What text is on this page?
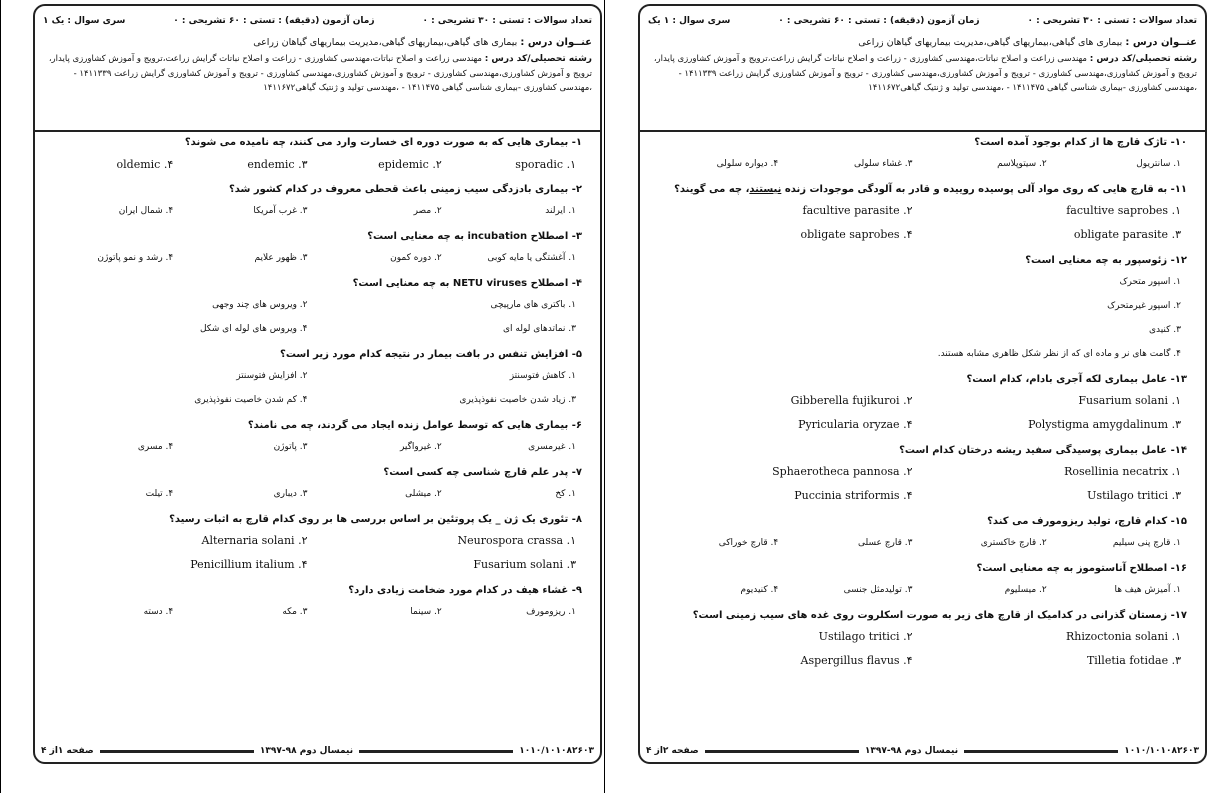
تعداد سوالات : تستی : ۳۰ تشریحی : ۰
زمان آزمون (دقیقه) : تستی : ۶۰ تشریحی : ۰
سری سوال : یک ۱
عنــوان درس : بیماری های گیاهی،بیماریهای گیاهی،مدیریت بیماریهای گیاهان زراعی
رشته تحصیلی/کد درس : مهندسی زراعت و اصلاح نباتات،مهندسی کشاورزی - زراعت و اصلاح نباتات گرایش زراعت،ترویج و آموزش کشاورزی پایدار، ترویج و آموزش کشاورزی،مهندسی کشاورزی - ترویج و آموزش کشاورزی،مهندسی کشاورزی - ترویج و آموزش کشاورزی گرایش زراعت ۱۴۱۱۳۳۹ - ،مهندسی کشاورزی -بیماری شناسی گیاهی ۱۴۱۱۴۷۵ - ،مهندسی تولید و ژنتیک گیاهی۱۴۱۱۶۷۲
۱- بیماری هایی که به صورت دوره ای خسارت وارد می کنند، چه نامیده می شوند؟
۱. sporadic
۲. epidemic
۳. endemic
۴. oldemic
۲- بیماری بادزدگی سیب زمینی باعث قحطی معروف در کدام کشور شد؟
۱. ایرلند
۲. مصر
۳. غرب آمریکا
۴. شمال ایران
۳- اصطلاح incubation به چه معنایی است؟
۱. آغشتگی یا مایه کوبی
۲. دوره کمون
۳. ظهور علایم
۴. رشد و نمو پاتوژن
۴- اصطلاح NETU viruses به چه معنایی است؟
۱. باکتری های مارپیچی
۲. ویروس های چند وجهی
۳. نماتدهای لوله ای
۴. ویروس های لوله ای شکل
۵- افزایش تنفس در بافت بیمار در نتیجه کدام مورد زیر است؟
۱. کاهش فتوسنتز
۲. افزایش فتوسنتز
۳. زیاد شدن خاصیت نفوذپذیری
۴. کم شدن خاصیت نفوذپذیری
۶- بیماری هایی که توسط عوامل زنده ایجاد می گردند، چه می نامند؟
۱. غیرمسری
۲. غیرواگیر
۳. پاتوژن
۴. مسری
۷- پدر علم قارچ شناسی چه کسی است؟
۱. کخ
۲. میشلی
۳. دیباری
۴. تیلت
۸- تئوری یک ژن _ یک پروتئین بر اساس بررسی ها بر روی کدام قارچ به اثبات رسید؟
۱. Neurospora crassa
۲. Alternaria solani
۳. Fusarium solani
۴. Penicillium italium
۹- غشاء هیف در کدام مورد ضخامت زیادی دارد؟
۱. ریزومورف
۲. سینما
۳. مکه
۴. دسته
۱۰۱۰/۱۰۱۰۸۲۶۰۳
نیمسال دوم ۹۸-۱۳۹۷
صفحه ۱از ۴
تعداد سوالات : تستی : ۳۰ تشریحی : ۰
زمان آزمون (دقیقه) : تستی : ۶۰ تشریحی : ۰
سری سوال : ۱ یک
عنــوان درس : بیماری های گیاهی،بیماریهای گیاهی،مدیریت بیماریهای گیاهان زراعی
رشته تحصیلی/کد درس : مهندسی زراعت و اصلاح نباتات،مهندسی کشاورزی - زراعت و اصلاح نباتات گرایش زراعت،ترویج و آموزش کشاورزی پایدار، ترویج و آموزش کشاورزی،مهندسی کشاورزی - ترویج و آموزش کشاورزی،مهندسی کشاورزی - ترویج و آموزش کشاورزی گرایش زراعت ۱۴۱۱۳۳۹ - ،مهندسی کشاورزی -بیماری شناسی گیاهی ۱۴۱۱۴۷۵ - ،مهندسی تولید و ژنتیک گیاهی۱۴۱۱۶۷۲
۱۰- تاژک قارچ ها از کدام بوجود آمده است؟
۱. سانتریول
۲. سیتوپلاسم
۳. غشاء سلولی
۴. دیواره سلولی
۱۱- به قارچ هایی که روی مواد آلی پوسیده روییده و قادر به آلودگی موجودات زنده نیستند، چه می گویند؟
۱. facultive saprobes
۲. facultive parasite
۳. obligate parasite
۴. obligate saprobes
۱۲- زئوسپور به چه معنایی است؟
۱. اسپور متحرک
۲. اسپور غیرمتحرک
۳. کنیدی
۴. گامت های نر و ماده ای که از نظر شکل ظاهری مشابه هستند.
۱۳- عامل بیماری لکه آجری بادام، کدام است؟
۱. Fusarium solani
۲. Gibberella fujikuroi
۳. Polystigma amygdalinum
۴. Pyricularia oryzae
۱۴- عامل بیماری پوسیدگی سفید ریشه درختان کدام است؟
۱. Rosellinia necatrix
۲. Sphaerotheca pannosa
۳. Ustilago tritici
۴. Puccinia striformis
۱۵- کدام قارچ، تولید ریزومورف می کند؟
۱. قارچ پنی سیلیم
۲. قارچ خاکستری
۳. قارچ عسلی
۴. قارچ خوراکی
۱۶- اصطلاح آناستوموز به چه معنایی است؟
۱. آمیزش هیف ها
۲. میسلیوم
۳. تولیدمثل جنسی
۴. کنیدیوم
۱۷- زمستان گذرانی در کدامیک از قارچ های زیر به صورت اسکلروت روی غده های سیب زمینی است؟
۱. Rhizoctonia solani
۲. Ustilago tritici
۳. Tilletia fotidae
۴. Aspergillus flavus
۱۰۱۰/۱۰۱۰۸۲۶۰۳
نیمسال دوم ۹۸-۱۳۹۷
صفحه ۲از ۴
